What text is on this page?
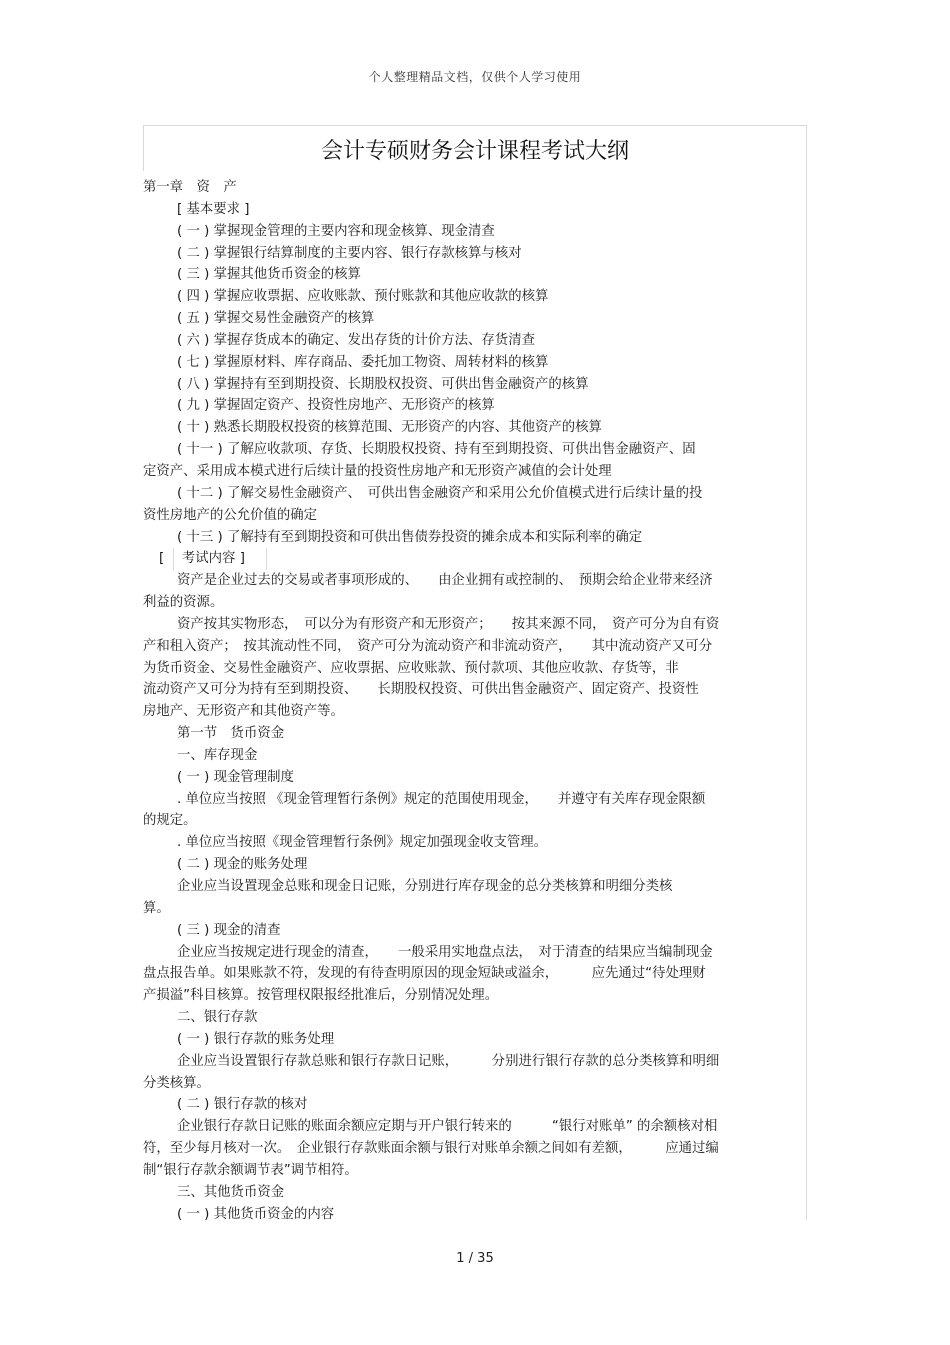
个人整理精品文档，仅供个人学习使用
会计专硕财务会计课程考试大纲

第一章　资　产

[ 基本要求 ]

( 一 ) 掌握现金管理的主要内容和现金核算、现金清查

( 二 ) 掌握银行结算制度的主要内容、银行存款核算与核对

( 三 ) 掌握其他货币资金的核算

( 四 ) 掌握应收票据、应收账款、预付账款和其他应收款的核算

( 五 ) 掌握交易性金融资产的核算

( 六 ) 掌握存货成本的确定、发出存货的计价方法、存货清查

( 七 ) 掌握原材料、库存商品、委托加工物资、周转材料的核算

( 八 ) 掌握持有至到期投资、长期股权投资、可供出售金融资产的核算

( 九 ) 掌握固定资产、投资性房地产、无形资产的核算

( 十 ) 熟悉长期股权投资的核算范围、无形资产的内容、其他资产的核算

( 十一 ) 了解应收款项、存货、长期股权投资、持有至到期投资、可供出售金融资产、固

定资产、采用成本模式进行后续计量的投资性房地产和无形资产减值的会计处理

( 十二 ) 了解交易性金融资产、　可供出售金融资产和采用公允价值模式进行后续计量的投

资性房地产的公允价值的确定

( 十三 ) 了解持有至到期投资和可供出售债券投资的摊余成本和实际利率的确定

[　 考试内容 ]

资产是企业过去的交易或者事项形成的、　　由企业拥有或控制的、　预期会给企业带来经济

利益的资源。

资产按其实物形态，　可以分为有形资产和无形资产；　　按其来源不同，　资产可分为自有资

产和租入资产；　按其流动性不同，　资产可分为流动资产和非流动资产，　　其中流动资产又可分

为货币资金、交易性金融资产、应收票据、应收账款、预付款项、其他应收款、存货等，非

流动资产又可分为持有至到期投资、　　长期股权投资、可供出售金融资产、固定资产、投资性

房地产、无形资产和其他资产等。

第一节　货币资金

一、库存现金

( 一 ) 现金管理制度

. 单位应当按照 《现金管理暂行条例》规定的范围使用现金，　　并遵守有关库存现金限额

的规定。

. 单位应当按照《现金管理暂行条例》规定加强现金收支管理。

( 二 ) 现金的账务处理

企业应当设置现金总账和现金日记账，分别进行库存现金的总分类核算和明细分类核

算。

( 三 ) 现金的清查

企业应当按规定进行现金的清查，　　一般采用实地盘点法，　对于清查的结果应当编制现金

盘点报告单。如果账款不符，发现的有待查明原因的现金短缺或溢余，　　　应先通过“待处理财

产损溢”科目核算。按管理权限报经批准后，分别情况处理。

二、银行存款

( 一 ) 银行存款的账务处理

企业应当设置银行存款总账和银行存款日记账，　　　分别进行银行存款的总分类核算和明细

分类核算。

( 二 ) 银行存款的核对

企业银行存款日记账的账面余额应定期与开户银行转来的　　　“银行对账单” 的余额核对相

符，至少每月核对一次。　企业银行存款账面余额与银行对账单余额之间如有差额，　　　应通过编

制“银行存款余额调节表”调节相符。

三、其他货币资金

( 一 ) 其他货币资金的内容

1 / 35
